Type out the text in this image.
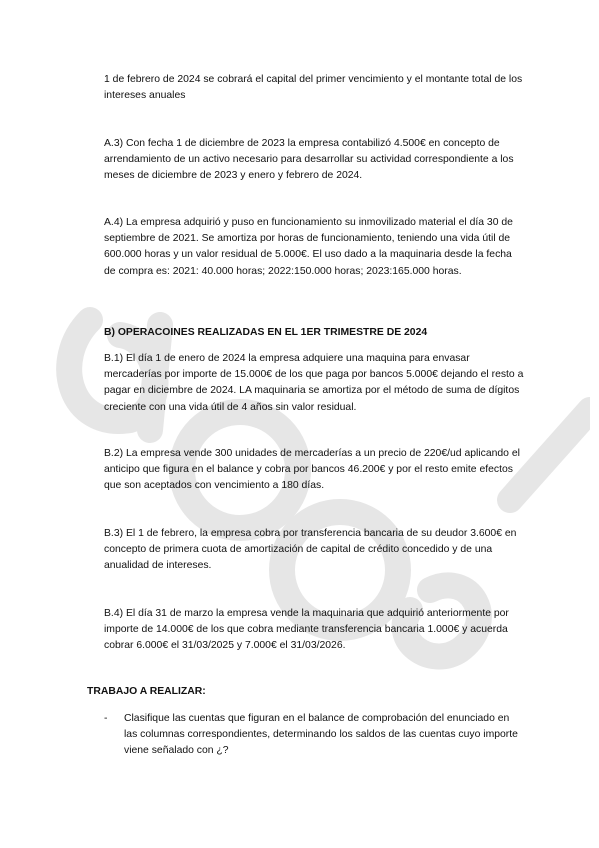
1 de febrero de 2024 se cobrará el capital del primer vencimiento y el montante total de los intereses anuales

A.3) Con fecha 1 de diciembre de 2023 la empresa contabilizó 4.500€ en concepto de arrendamiento de un activo necesario para desarrollar su actividad correspondiente a los meses de diciembre de 2023 y enero y febrero de 2024.

A.4) La empresa adquirió y puso en funcionamiento su inmovilizado material el día 30 de septiembre de 2021. Se amortiza por horas de funcionamiento, teniendo una vida útil de 600.000 horas y un valor residual de 5.000€. El uso dado a la maquinaria desde la fecha de compra es: 2021: 40.000 horas; 2022:150.000 horas; 2023:165.000 horas.

B) OPERACOINES REALIZADAS EN EL 1ER TRIMESTRE DE 2024

B.1) El día 1 de enero de 2024 la empresa adquiere una maquina para envasar mercaderías por importe de 15.000€ de los que paga por bancos 5.000€ dejando el resto a pagar en diciembre de 2024. LA maquinaria se amortiza por el método de suma de dígitos creciente con una vida útil de 4 años sin valor residual.

B.2) La empresa vende 300 unidades de mercaderías a un precio de 220€/ud aplicando el anticipo que figura en el balance y cobra por bancos 46.200€ y por el resto emite efectos que son aceptados con vencimiento a 180 días.

B.3) El 1 de febrero, la empresa cobra por transferencia bancaria de su deudor 3.600€ en concepto de primera cuota de amortización de capital de crédito concedido y de una anualidad de intereses.

B.4) El día 31 de marzo la empresa vende la maquinaria que adquirió anteriormente por importe de 14.000€ de los que cobra mediante transferencia bancaria 1.000€ y acuerda cobrar 6.000€ el 31/03/2025 y 7.000€ el 31/03/2026.

TRABAJO A REALIZAR:

- Clasifique las cuentas que figuran en el balance de comprobación del enunciado en las columnas correspondientes, determinando los saldos de las cuentas cuyo importe viene señalado con ¿?
